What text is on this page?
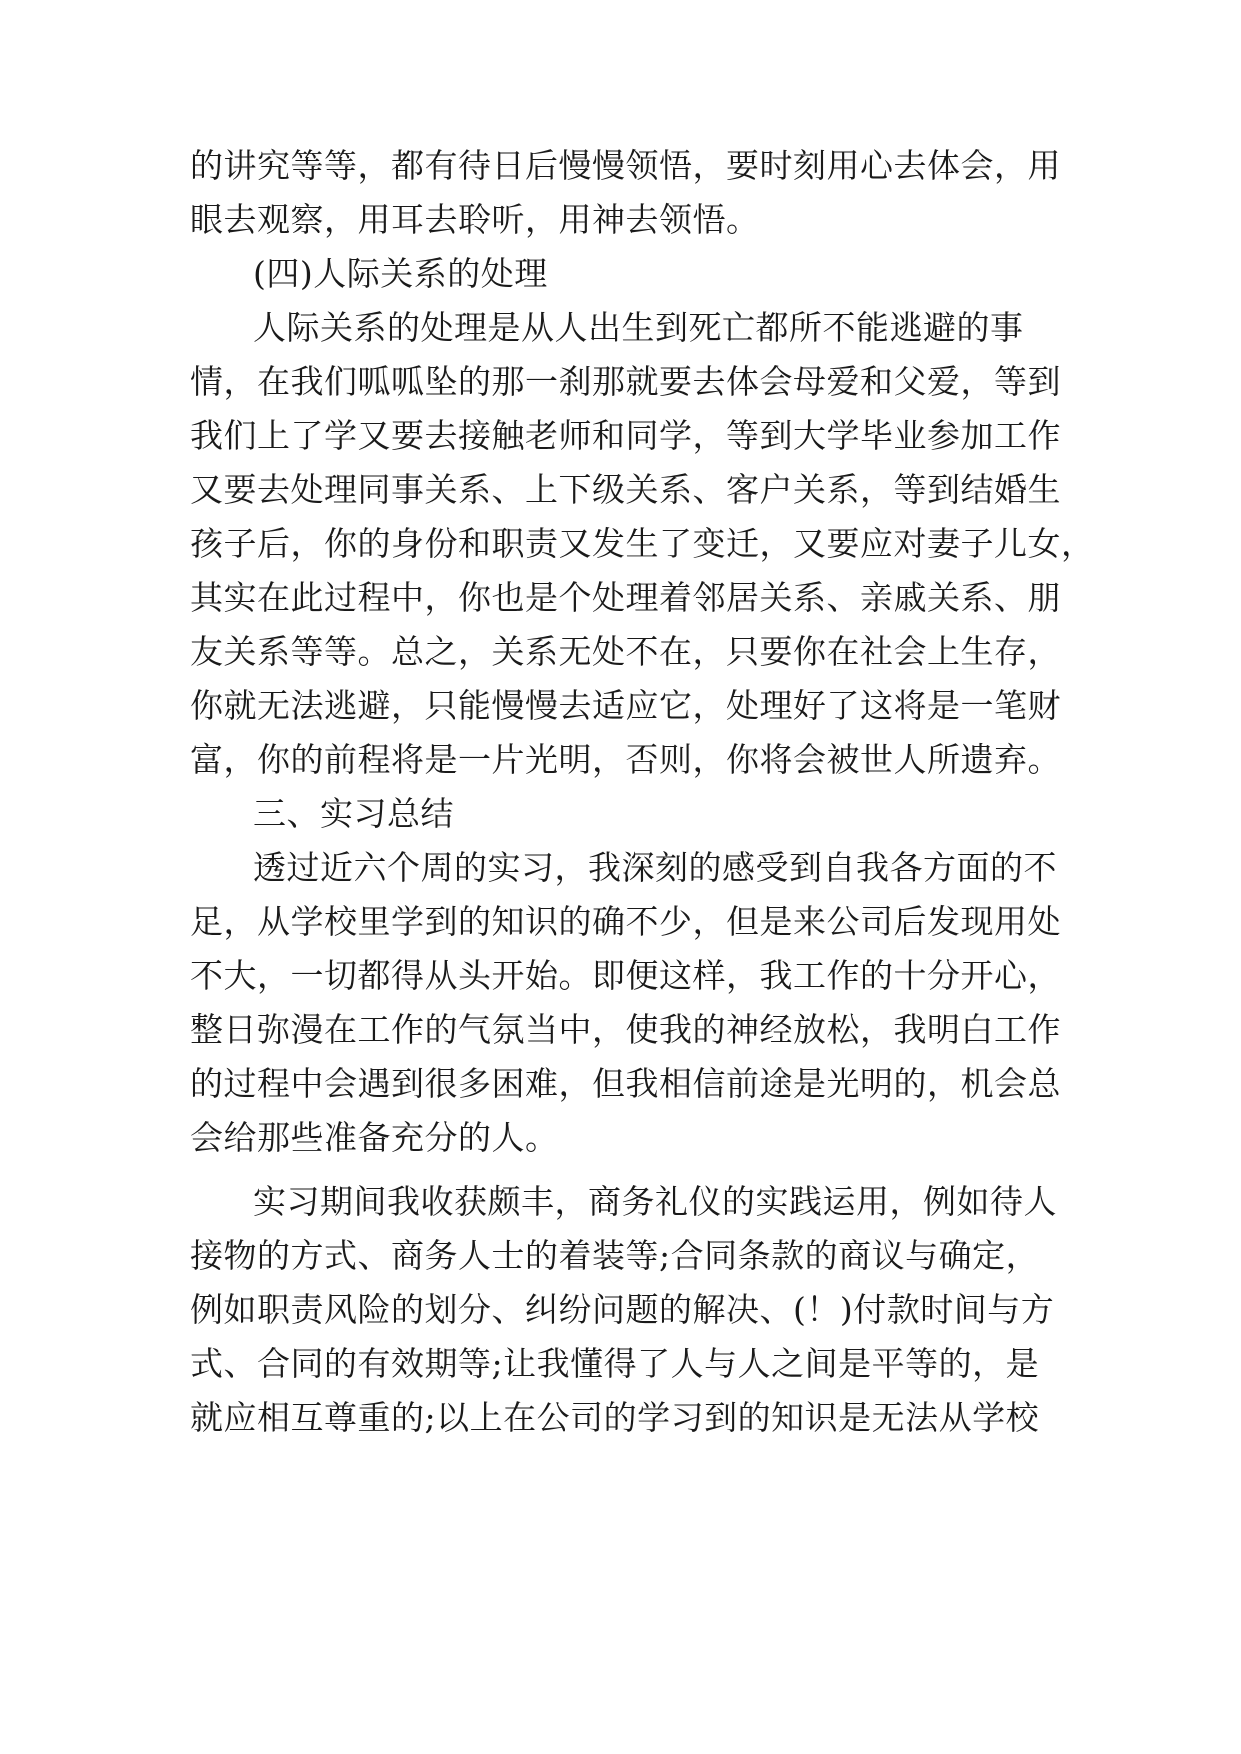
的讲究等等，都有待日后慢慢领悟，要时刻用心去体会，用
眼去观察，用耳去聆听，用神去领悟。
(四)人际关系的处理
人际关系的处理是从人出生到死亡都所不能逃避的事
情，在我们呱呱坠的那一刹那就要去体会母爱和父爱，等到
我们上了学又要去接触老师和同学，等到大学毕业参加工作
又要去处理同事关系、上下级关系、客户关系，等到结婚生
孩子后，你的身份和职责又发生了变迁，又要应对妻子儿女，
其实在此过程中，你也是个处理着邻居关系、亲戚关系、朋
友关系等等。总之，关系无处不在，只要你在社会上生存，
你就无法逃避，只能慢慢去适应它，处理好了这将是一笔财
富，你的前程将是一片光明，否则，你将会被世人所遗弃。
三、实习总结
透过近六个周的实习，我深刻的感受到自我各方面的不
足，从学校里学到的知识的确不少，但是来公司后发现用处
不大，一切都得从头开始。即便这样，我工作的十分开心，
整日弥漫在工作的气氛当中，使我的神经放松，我明白工作
的过程中会遇到很多困难，但我相信前途是光明的，机会总
会给那些准备充分的人。
实习期间我收获颇丰，商务礼仪的实践运用，例如待人
接物的方式、商务人士的着装等;合同条款的商议与确定，
例如职责风险的划分、纠纷问题的解决、(！)付款时间与方
式、合同的有效期等;让我懂得了人与人之间是平等的，是
就应相互尊重的;以上在公司的学习到的知识是无法从学校
